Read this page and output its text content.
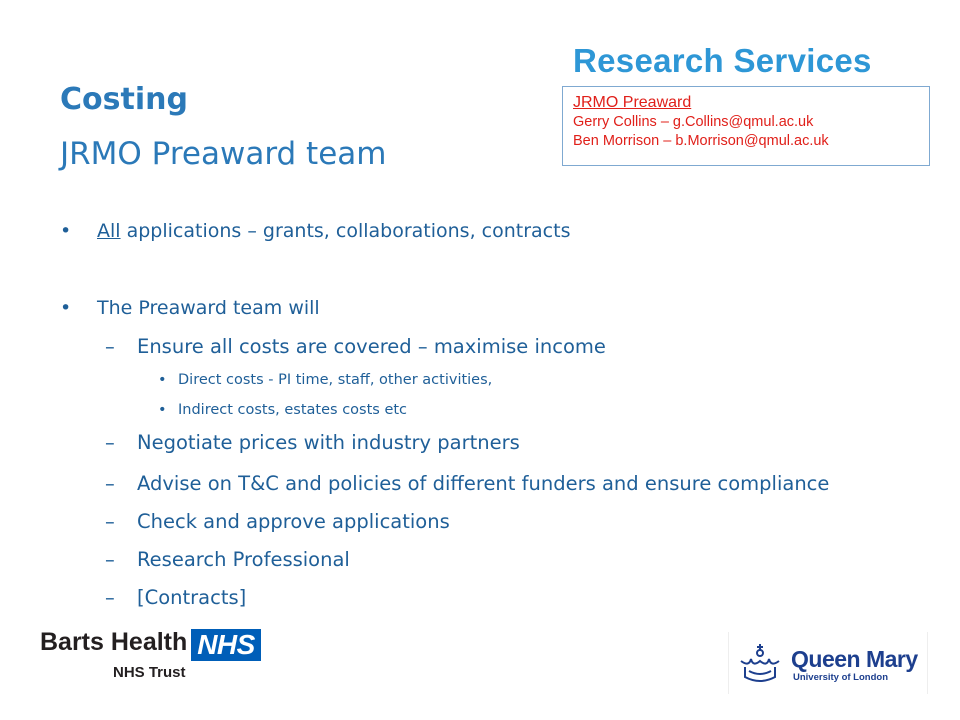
Research Services
JRMO Preaward
Gerry Collins – g.Collins@qmul.ac.uk
Ben Morrison – b.Morrison@qmul.ac.uk
Costing
JRMO Preaward team
• All applications – grants, collaborations, contracts
• The Preaward team will
– Ensure all costs are covered – maximise income
• Direct costs - PI time, staff, other activities,
• Indirect costs, estates costs etc
– Negotiate prices with industry partners
– Advise on T&C and policies of different funders and ensure compliance
– Check and approve applications
– Research Professional
– [Contracts]
Barts Health NHS
NHS Trust
Queen Mary
University of London
